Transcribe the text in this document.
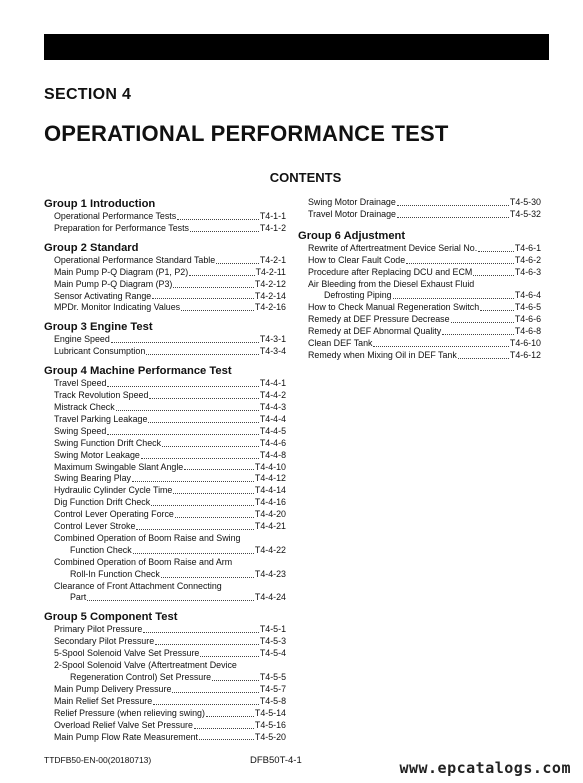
SECTION 4
OPERATIONAL PERFORMANCE TEST
CONTENTS
Group 1 Introduction
Operational Performance Tests	T4-1-1
Preparation for Performance Tests	T4-1-2
Group 2 Standard
Operational Performance Standard Table	T4-2-1
Main Pump P-Q Diagram (P1, P2)	T4-2-11
Main Pump P-Q Diagram (P3)	T4-2-12
Sensor Activating Range	T4-2-14
MPDr. Monitor Indicating Values	T4-2-16
Group 3 Engine Test
Engine Speed	T4-3-1
Lubricant Consumption	T4-3-4
Group 4 Machine Performance Test
Travel Speed	T4-4-1
Track Revolution Speed	T4-4-2
Mistrack Check	T4-4-3
Travel Parking Leakage	T4-4-4
Swing Speed	T4-4-5
Swing Function Drift Check	T4-4-6
Swing Motor Leakage	T4-4-8
Maximum Swingable Slant Angle	T4-4-10
Swing Bearing Play	T4-4-12
Hydraulic Cylinder Cycle Time	T4-4-14
Dig Function Drift Check	T4-4-16
Control Lever Operating Force	T4-4-20
Control Lever Stroke	T4-4-21
Combined Operation of Boom Raise and Swing
Function Check	T4-4-22
Combined Operation of Boom Raise and Arm
Roll-In Function Check	T4-4-23
Clearance of Front Attachment Connecting
Part	T4-4-24
Group 5 Component Test
Primary Pilot Pressure	T4-5-1
Secondary Pilot Pressure	T4-5-3
5-Spool Solenoid Valve Set Pressure	T4-5-4
2-Spool Solenoid Valve (Aftertreatment Device
Regeneration Control) Set Pressure	T4-5-5
Main Pump Delivery Pressure	T4-5-7
Main Relief Set Pressure	T4-5-8
Relief Pressure (when relieving swing)	T4-5-14
Overload Relief Valve Set Pressure	T4-5-16
Main Pump Flow Rate Measurement	T4-5-20
Swing Motor Drainage	T4-5-30
Travel Motor Drainage	T4-5-32
Group 6 Adjustment
Rewrite of Aftertreatment Device Serial No.	T4-6-1
How to Clear Fault Code	T4-6-2
Procedure after Replacing DCU and ECM	T4-6-3
Air Bleeding from the Diesel Exhaust Fluid
Defrosting Piping	T4-6-4
How to Check Manual Regeneration Switch	T4-6-5
Remedy at DEF Pressure Decrease	T4-6-6
Remedy at DEF Abnormal Quality	T4-6-8
Clean DEF Tank	T4-6-10
Remedy when Mixing Oil in DEF Tank	T4-6-12
TTDFB50-EN-00(20180713)	DFB50T-4-1	www.epcatalogs.com
